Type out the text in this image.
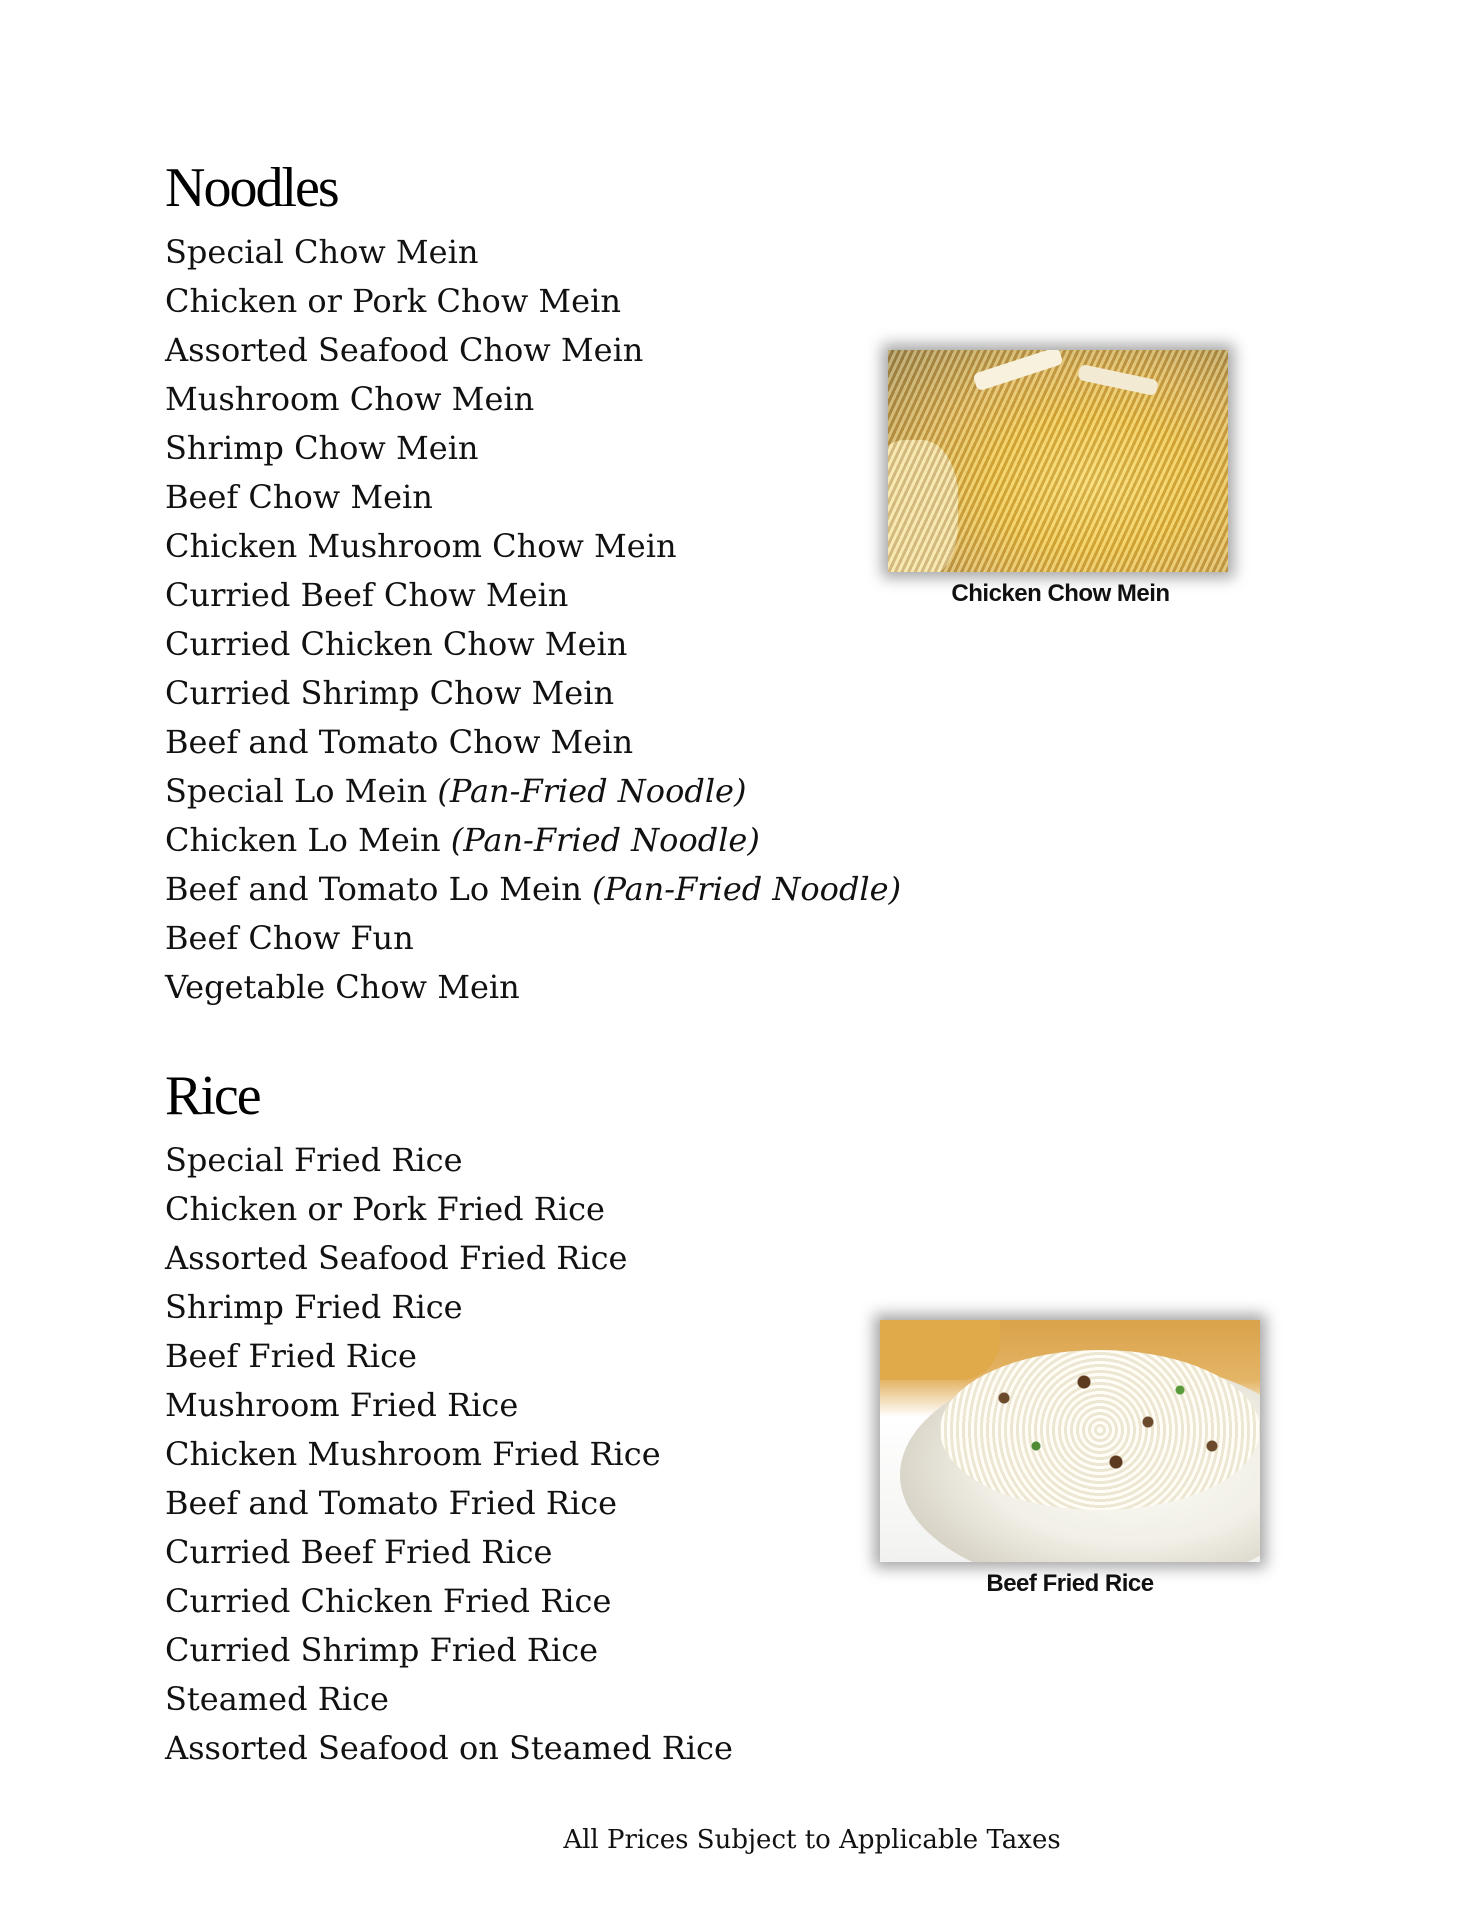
Noodles
Special Chow Mein
Chicken or Pork Chow Mein
Assorted Seafood Chow Mein
Mushroom Chow Mein
Shrimp Chow Mein
Beef Chow Mein
Chicken Mushroom Chow Mein
Curried Beef Chow Mein
Curried Chicken Chow Mein
Curried Shrimp Chow Mein
Beef and Tomato Chow Mein
Special Lo Mein (Pan-Fried Noodle)
Chicken Lo Mein (Pan-Fried Noodle)
Beef and Tomato Lo Mein (Pan-Fried Noodle)
Beef Chow Fun
Vegetable Chow Mein
Chicken Chow Mein
Rice
Special Fried Rice
Chicken or Pork Fried Rice
Assorted Seafood Fried Rice
Shrimp Fried Rice
Beef Fried Rice
Mushroom Fried Rice
Chicken Mushroom Fried Rice
Beef and Tomato Fried Rice
Curried Beef Fried Rice
Curried Chicken Fried Rice
Curried Shrimp Fried Rice
Steamed Rice
Assorted Seafood on Steamed Rice
Beef Fried Rice
All Prices Subject to Applicable Taxes
